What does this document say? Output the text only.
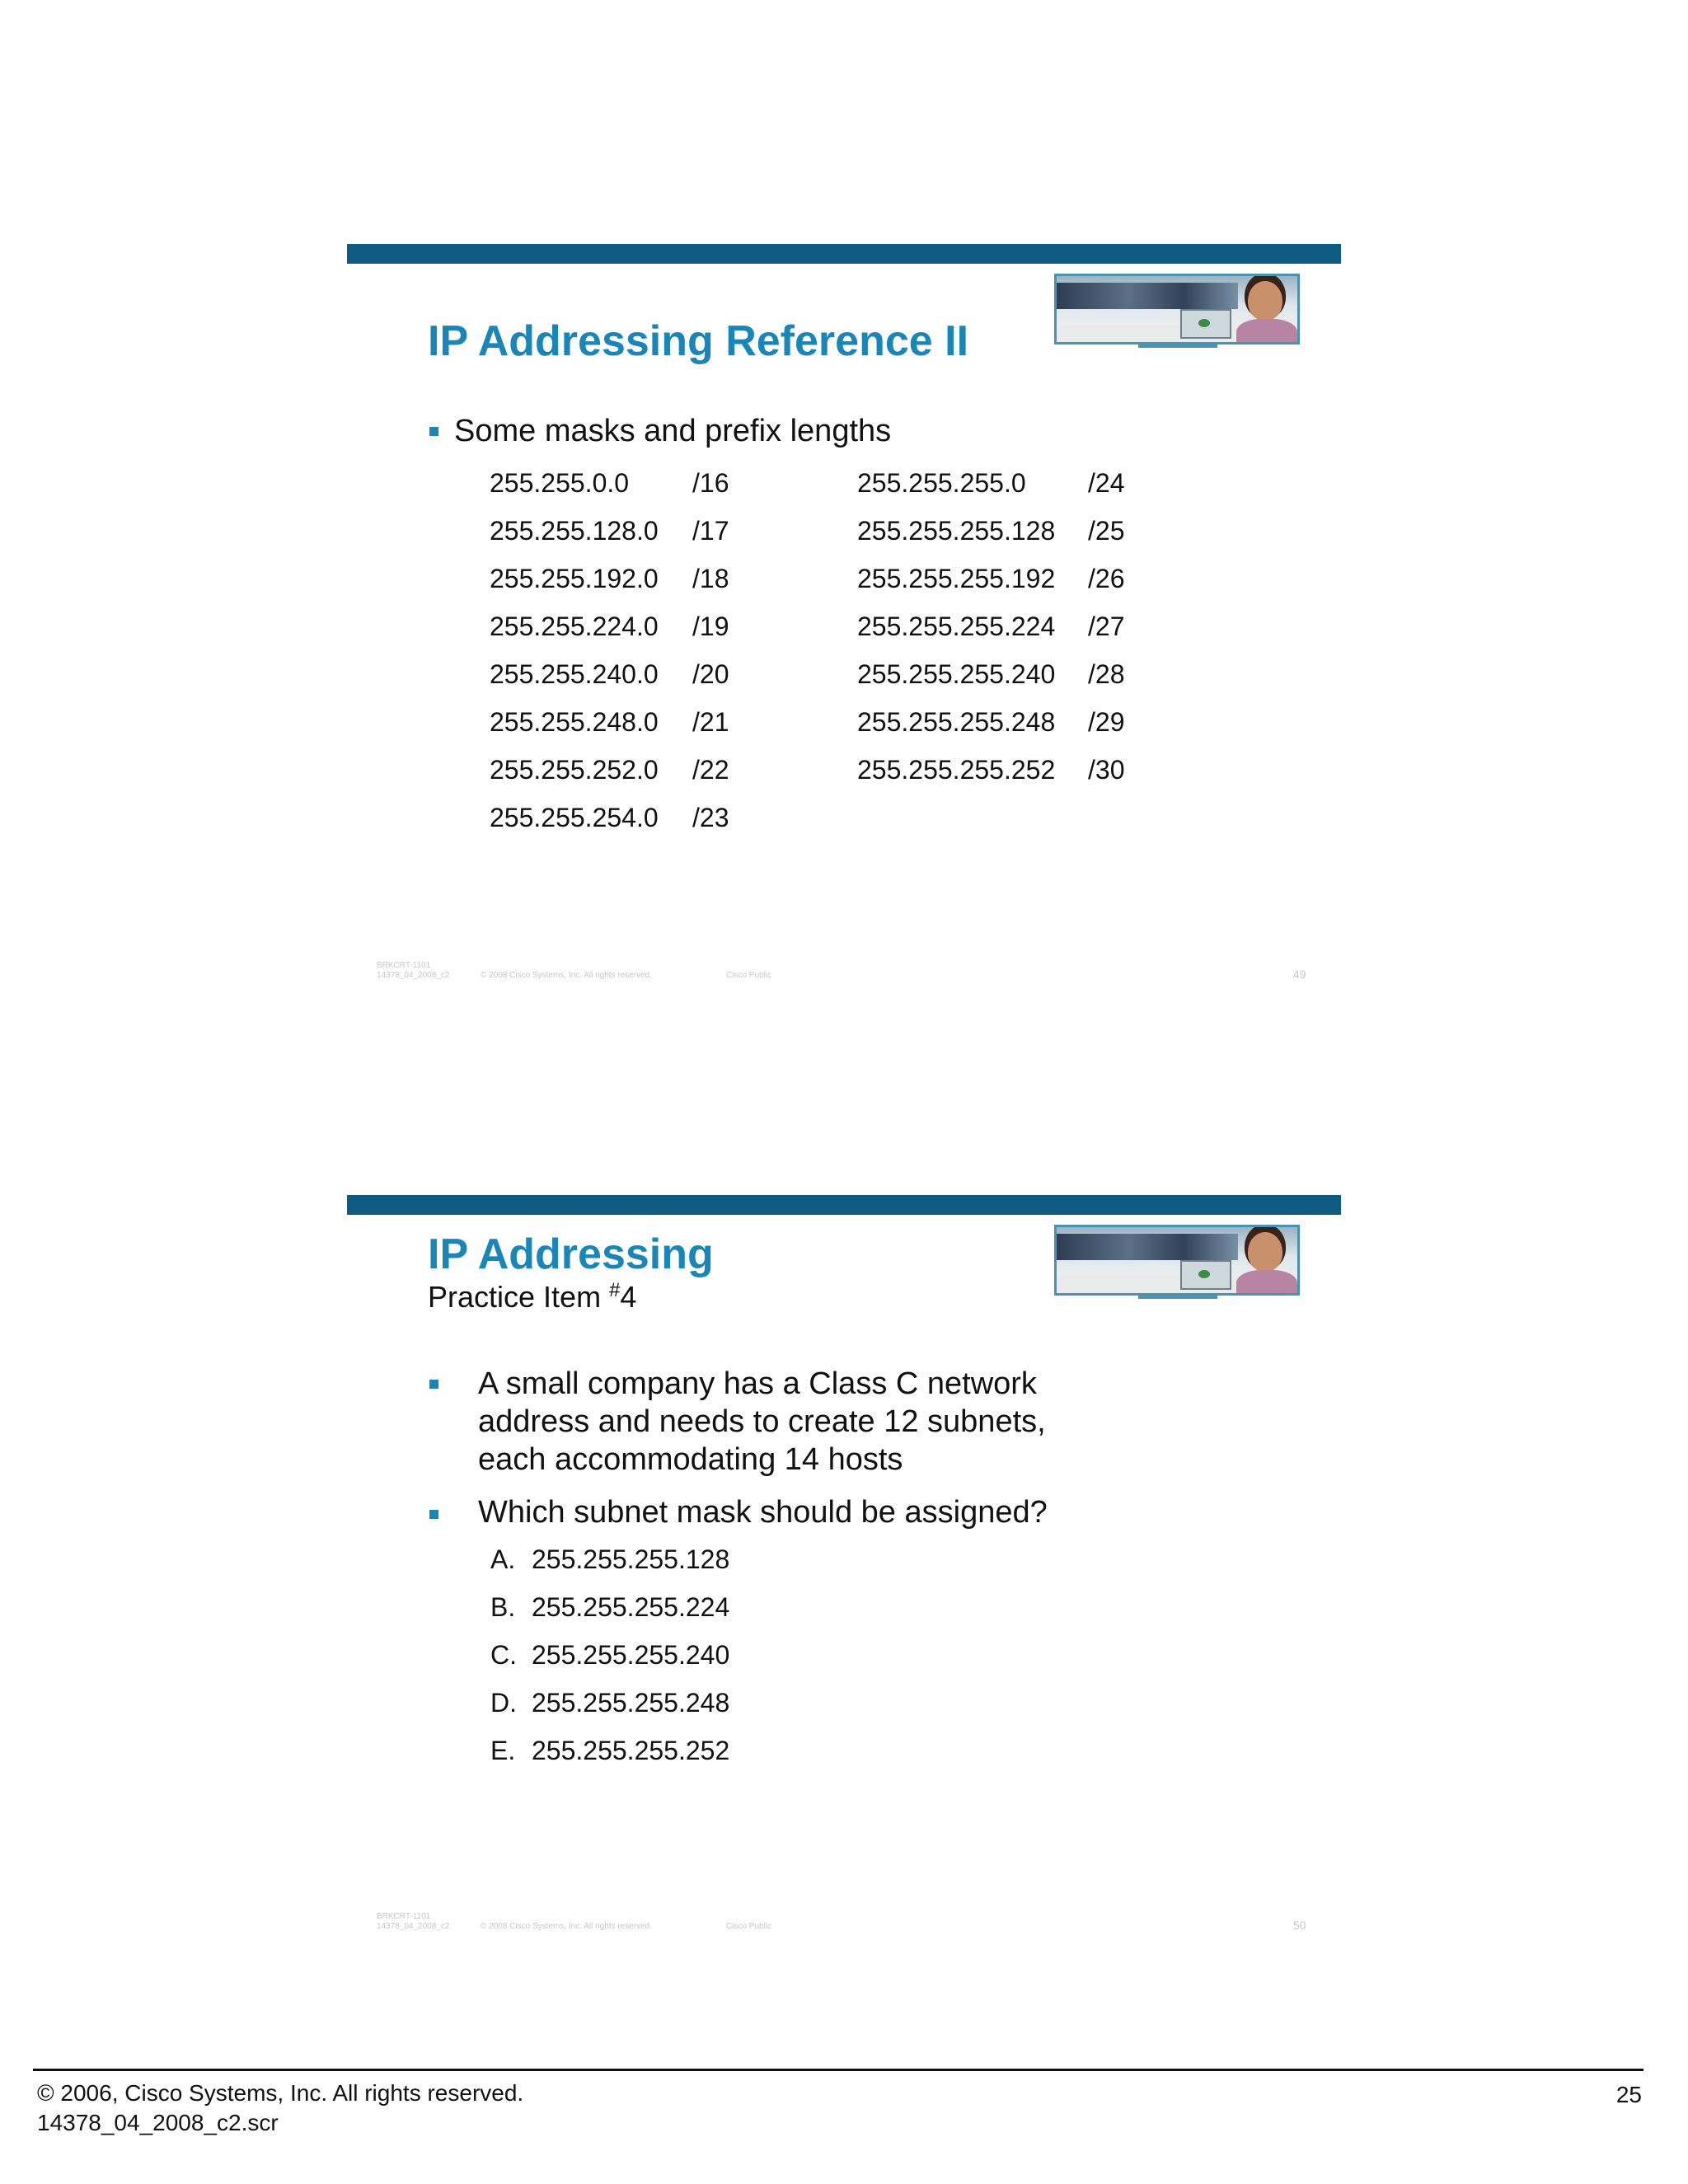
IP Addressing Reference II
Some masks and prefix lengths
255.255.0.0 /16
255.255.128.0 /17
255.255.192.0 /18
255.255.224.0 /19
255.255.240.0 /20
255.255.248.0 /21
255.255.252.0 /22
255.255.254.0 /23
255.255.255.0 /24
255.255.255.128 /25
255.255.255.192 /26
255.255.255.224 /27
255.255.255.240 /28
255.255.255.248 /29
255.255.255.252 /30
BRKCRT-1101
14378_04_2008_c2	© 2008 Cisco Systems, Inc. All rights reserved.	Cisco Public	49
IP Addressing
Practice Item #4
A small company has a Class C network address and needs to create 12 subnets, each accommodating 14 hosts
Which subnet mask should be assigned?
A. 255.255.255.128
B. 255.255.255.224
C. 255.255.255.240
D. 255.255.255.248
E. 255.255.255.252
BRKCRT-1101
14378_04_2008_c2	© 2008 Cisco Systems, Inc. All rights reserved.	Cisco Public	50
© 2006, Cisco Systems, Inc. All rights reserved.
14378_04_2008_c2.scr
25
